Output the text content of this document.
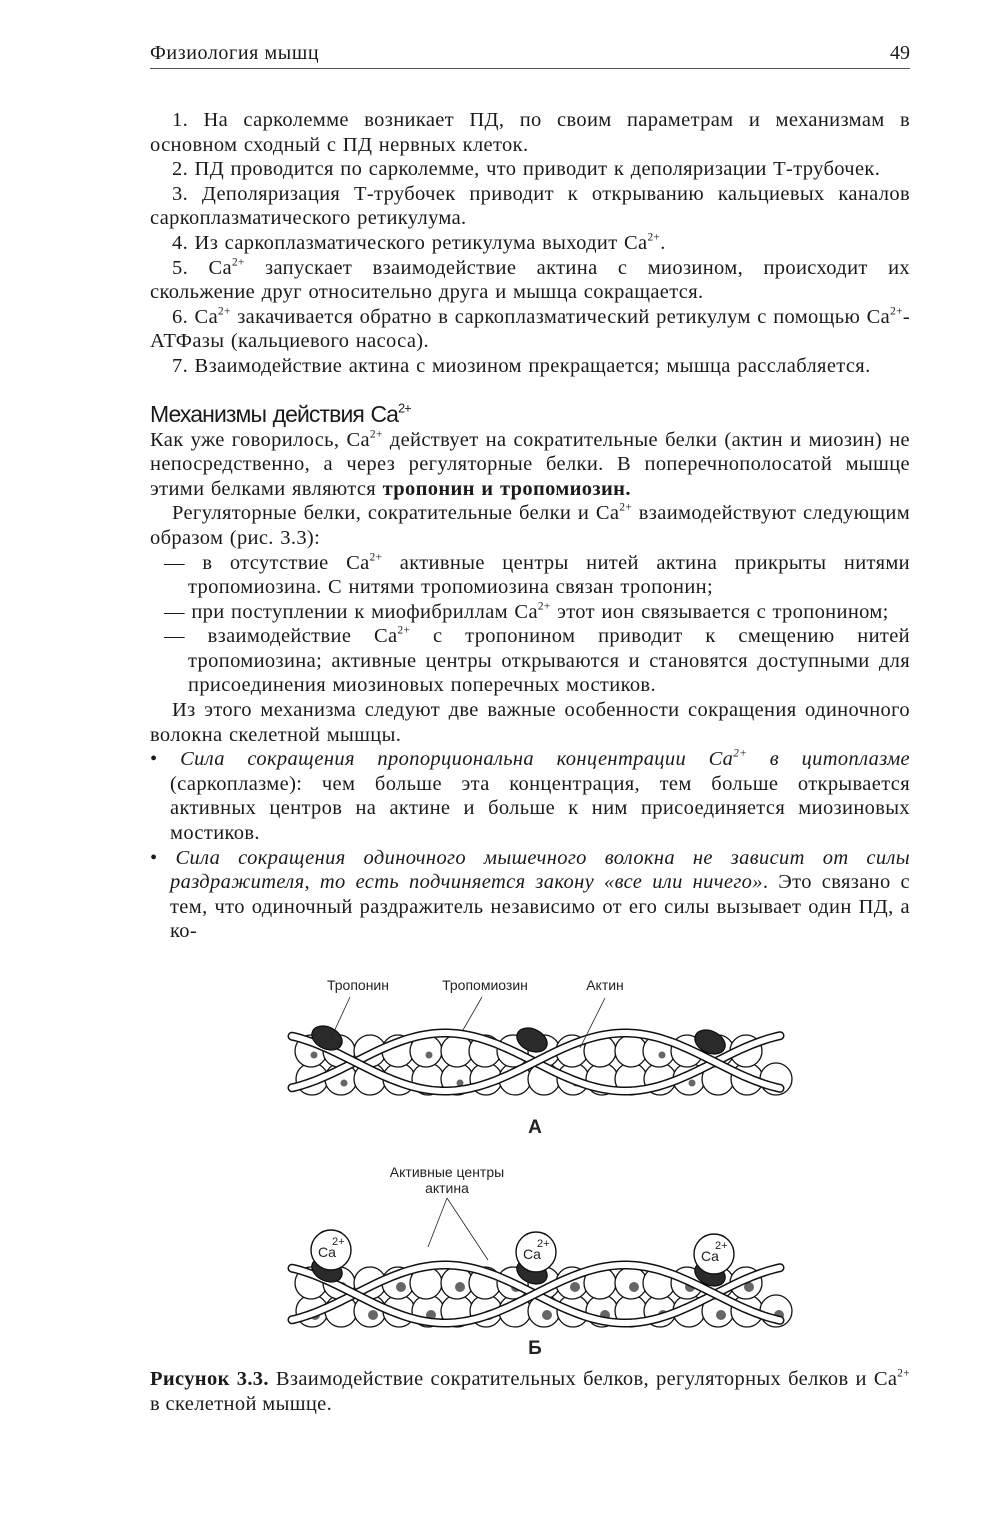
Физиология мышц	49

1. На сарколемме возникает ПД, по своим параметрам и механизмам в основном сходный с ПД нервных клеток.

2. ПД проводится по сарколемме, что приводит к деполяризации Т-трубочек.

3. Деполяризация Т-трубочек приводит к открыванию кальциевых каналов саркоплазматического ретикулума.

4. Из саркоплазматического ретикулума выходит $Ca^{2+}$.

5. $Ca^{2+}$ запускает взаимодействие актина с миозином, происходит их скольжение друг относительно друга и мышца сокращается.

6. $Ca^{2+}$ закачивается обратно в саркоплазматический ретикулум с помощью $Ca^{2+}$-АТФазы (кальциевого насоса).

7. Взаимодействие актина с миозином прекращается; мышца расслабляется.

Механизмы действия $Ca^{2+}$

Как уже говорилось, $Ca^{2+}$ действует на сократительные белки (актин и миозин) не непосредственно, а через регуляторные белки. В поперечнополосатой мышце этими белками являются тропонин и тропомиозин.

Регуляторные белки, сократительные белки и $Ca^{2+}$ взаимодействуют следующим образом (рис. 3.3):

— в отсутствие $Ca^{2+}$ активные центры нитей актина прикрыты нитями тропомиозина. С нитями тропомиозина связан тропонин;

— при поступлении к миофибриллам $Ca^{2+}$ этот ион связывается с тропонином;

— взаимодействие $Ca^{2+}$ с тропонином приводит к смещению нитей тропомиозина; активные центры открываются и становятся доступными для присоединения миозиновых поперечных мостиков.

Из этого механизма следуют две важные особенности сокращения одиночного волокна скелетной мышцы.

• Сила сокращения пропорциональна концентрации $Ca^{2+}$ в цитоплазме (саркоплазме): чем больше эта концентрация, тем больше открывается активных центров на актине и больше к ним присоединяется миозиновых мостиков.

• Сила сокращения одиночного мышечного волокна не зависит от силы раздражителя, то есть подчиняется закону «все или ничего». Это связано с тем, что одиночный раздражитель независимо от его силы вызывает один ПД, а ко-

Ca
2+
Ca
2+
Ca
2+
Тропонин	Тропомиозин	Актин
А
Активные центры
актина
Б
Рисунок 3.3. Взаимодействие сократительных белков, регуляторных белков и $Ca^{2+}$ в скелетной мышце.
